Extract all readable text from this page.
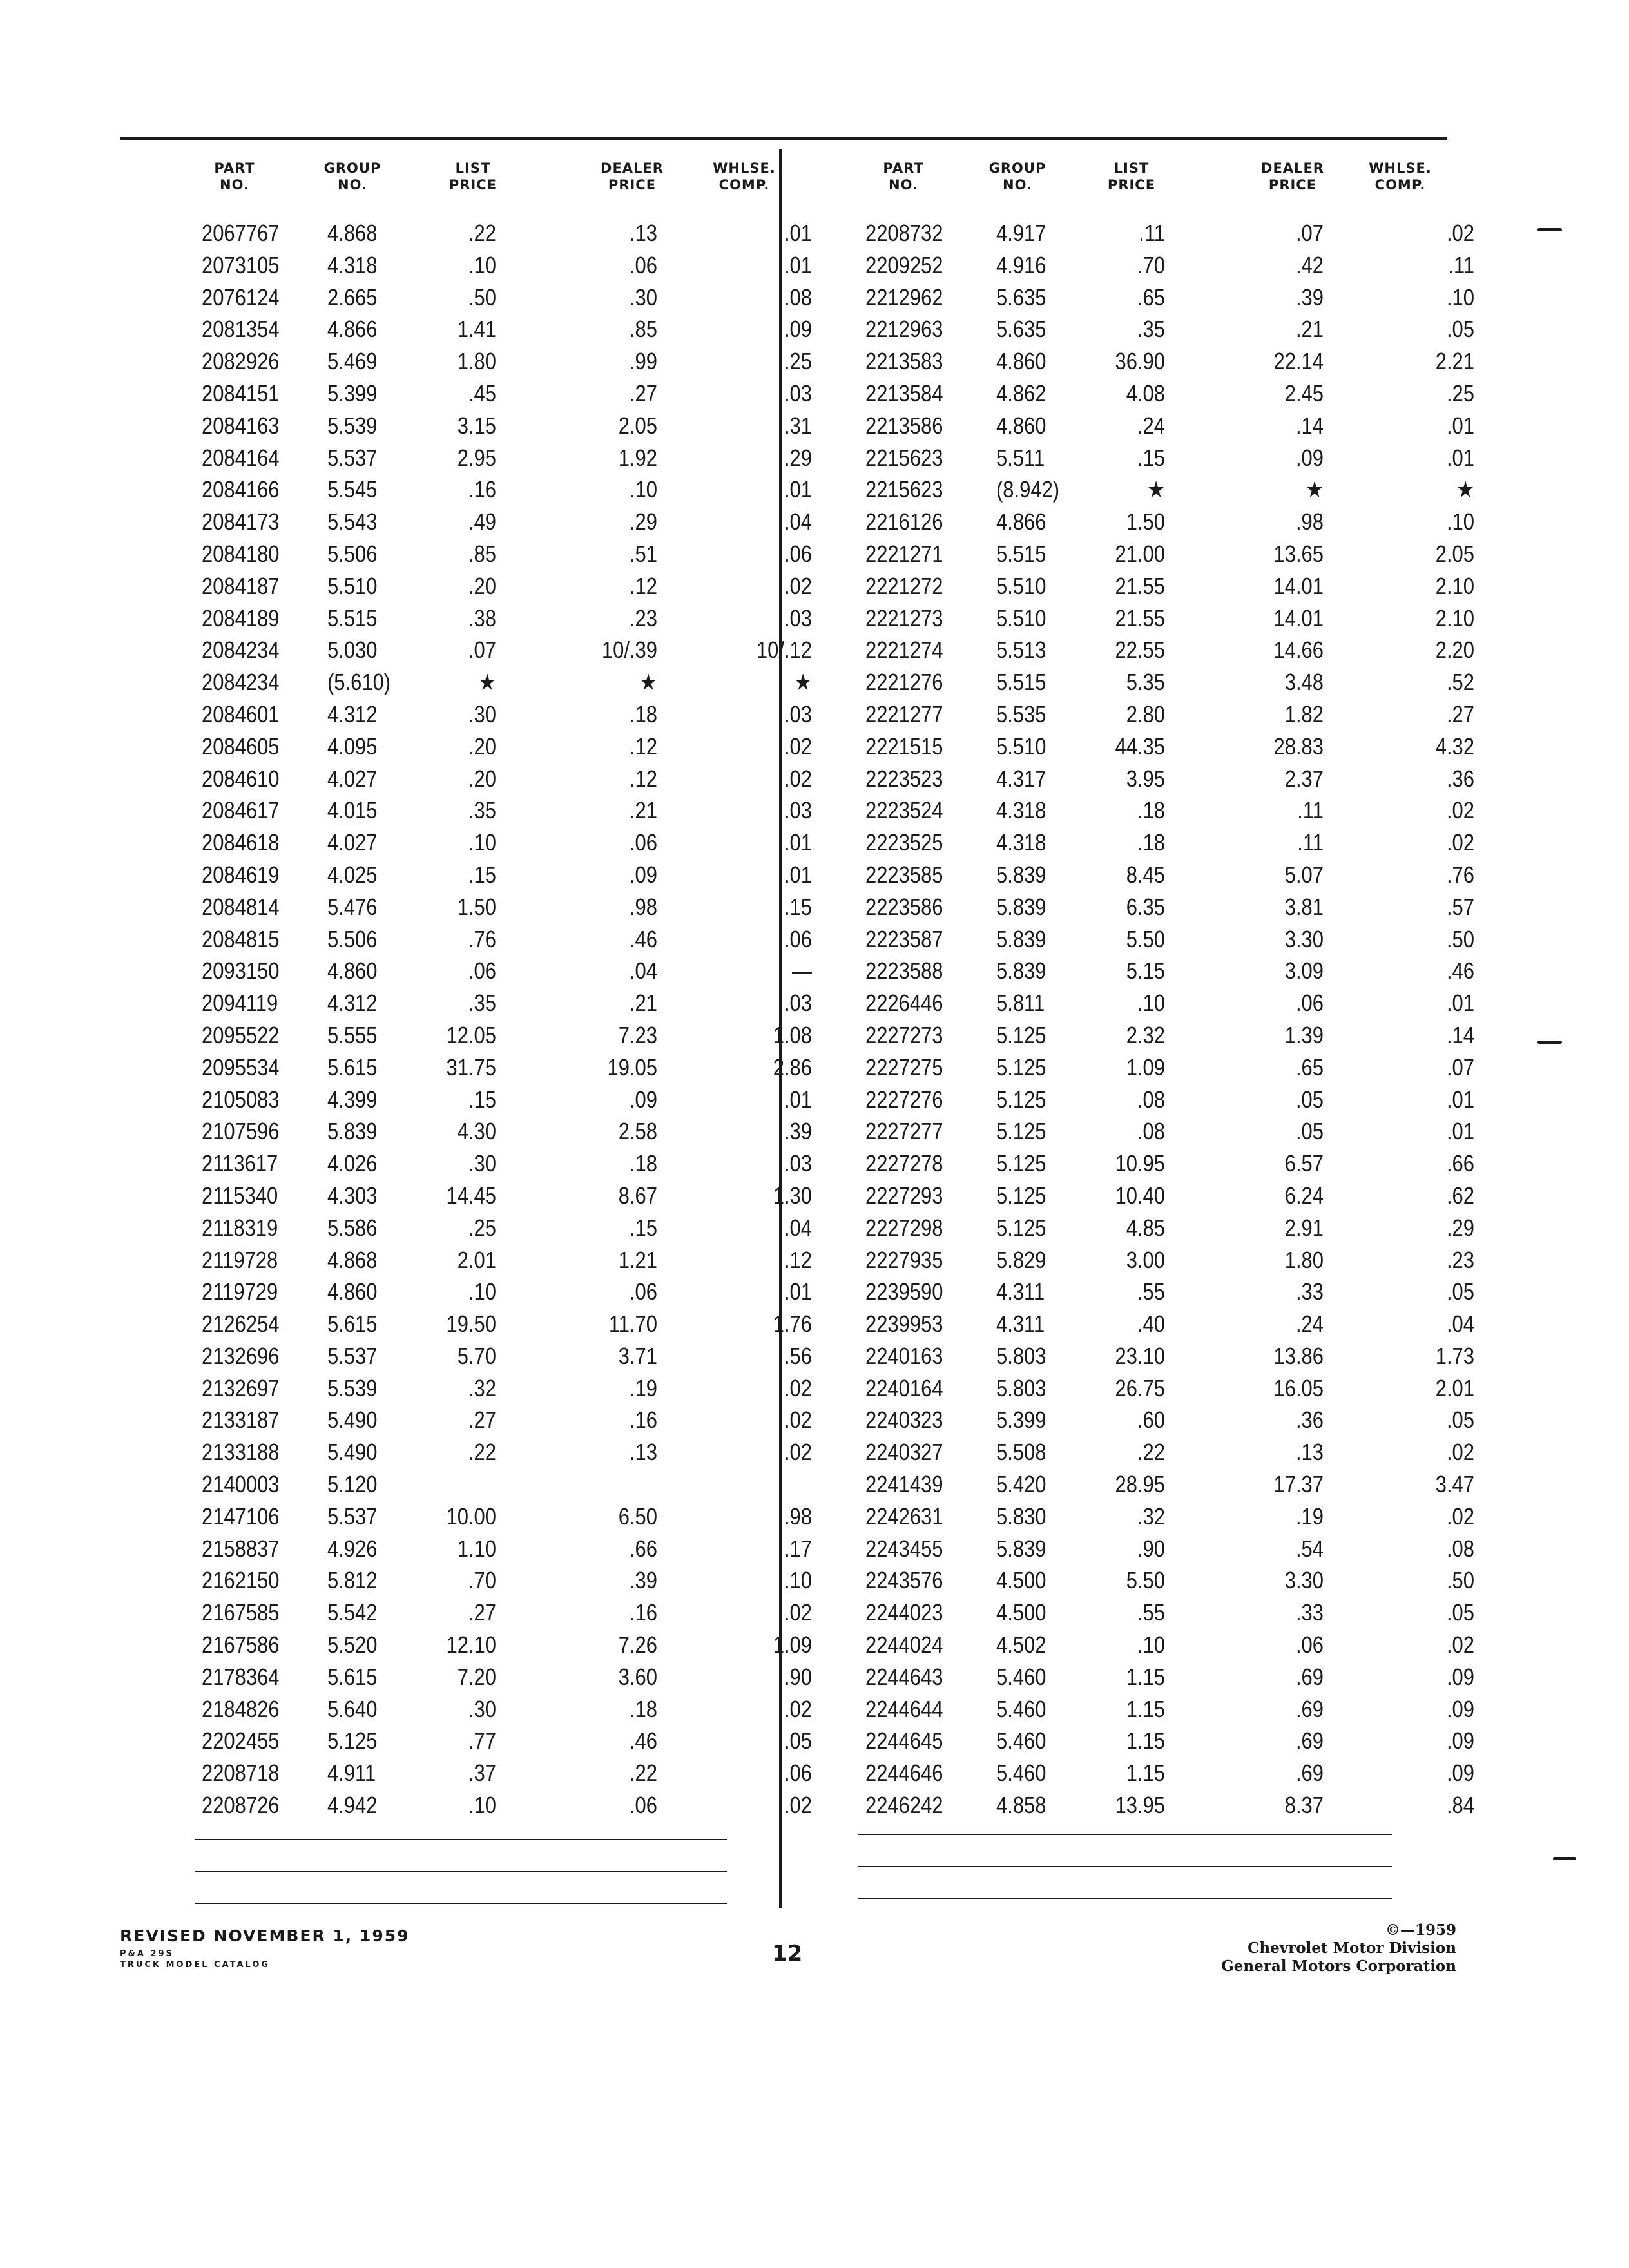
PART
NO.
GROUP
NO.
LIST
PRICE
DEALER
PRICE
WHLSE.
COMP.
2067767 4.868	.22	.13	.01
2073105 4.318	.10	.06	.01
2076124 2.665	.50	.30	.08
2081354 4.866	1.41	.85	.09
2082926 5.469	1.80	.99	.25
2084151 5.399	.45	.27	.03
2084163 5.539	3.15	2.05	.31
2084164 5.537	2.95	1.92	.29
2084166 5.545	.16	.10	.01
2084173 5.543	.49	.29	.04
2084180 5.506	.85	.51	.06
2084187 5.510	.20	.12	.02
2084189 5.515	.38	.23	.03
2084234 5.030	.07	10/.39	10/.12
2084234 (5.610)	★	★	★
2084601 4.312	.30	.18	.03
2084605 4.095	.20	.12	.02
2084610 4.027	.20	.12	.02
2084617 4.015	.35	.21	.03
2084618 4.027	.10	.06	.01
2084619 4.025	.15	.09	.01
2084814 5.476	1.50	.98	.15
2084815 5.506	.76	.46	.06
2093150 4.860	.06	.04	—
2094119 4.312	.35	.21	.03
2095522 5.555	12.05	7.23	1.08
2095534 5.615	31.75	19.05	2.86
2105083 4.399	.15	.09	.01
2107596 5.839	4.30	2.58	.39
2113617 4.026	.30	.18	.03
2115340 4.303	14.45	8.67	1.30
2118319 5.586	.25	.15	.04
2119728 4.868	2.01	1.21	.12
2119729 4.860	.10	.06	.01
2126254 5.615	19.50	11.70	1.76
2132696 5.537	5.70	3.71	.56
2132697 5.539	.32	.19	.02
2133187 5.490	.27	.16	.02
2133188 5.490	.22	.13	.02
2140003 5.120
2147106 5.537	10.00	6.50	.98
2158837 4.926	1.10	.66	.17
2162150 5.812	.70	.39	.10
2167585 5.542	.27	.16	.02
2167586 5.520	12.10	7.26	1.09
2178364 5.615	7.20	3.60	.90
2184826 5.640	.30	.18	.02
2202455 5.125	.77	.46	.05
2208718 4.911	.37	.22	.06
2208726 4.942	.10	.06	.02
PART
NO.
GROUP
NO.
LIST
PRICE
DEALER
PRICE
WHLSE.
COMP.
2208732 4.917	.11	.07	.02
2209252 4.916	.70	.42	.11
2212962 5.635	.65	.39	.10
2212963 5.635	.35	.21	.05
2213583 4.860	36.90	22.14	2.21
2213584 4.862	4.08	2.45	.25
2213586 4.860	.24	.14	.01
2215623 5.511	.15	.09	.01
2215623 (8.942)	★	★	★
2216126 4.866	1.50	.98	.10
2221271 5.515	21.00	13.65	2.05
2221272 5.510	21.55	14.01	2.10
2221273 5.510	21.55	14.01	2.10
2221274 5.513	22.55	14.66	2.20
2221276 5.515	5.35	3.48	.52
2221277 5.535	2.80	1.82	.27
2221515 5.510	44.35	28.83	4.32
2223523 4.317	3.95	2.37	.36
2223524 4.318	.18	.11	.02
2223525 4.318	.18	.11	.02
2223585 5.839	8.45	5.07	.76
2223586 5.839	6.35	3.81	.57
2223587 5.839	5.50	3.30	.50
2223588 5.839	5.15	3.09	.46
2226446 5.811	.10	.06	.01
2227273 5.125	2.32	1.39	.14
2227275 5.125	1.09	.65	.07
2227276 5.125	.08	.05	.01
2227277 5.125	.08	.05	.01
2227278 5.125	10.95	6.57	.66
2227293 5.125	10.40	6.24	.62
2227298 5.125	4.85	2.91	.29
2227935 5.829	3.00	1.80	.23
2239590 4.311	.55	.33	.05
2239953 4.311	.40	.24	.04
2240163 5.803	23.10	13.86	1.73
2240164 5.803	26.75	16.05	2.01
2240323 5.399	.60	.36	.05
2240327 5.508	.22	.13	.02
2241439 5.420	28.95	17.37	3.47
2242631 5.830	.32	.19	.02
2243455 5.839	.90	.54	.08
2243576 4.500	5.50	3.30	.50
2244023 4.500	.55	.33	.05
2244024 4.502	.10	.06	.02
2244643 5.460	1.15	.69	.09
2244644 5.460	1.15	.69	.09
2244645 5.460	1.15	.69	.09
2244646 5.460	1.15	.69	.09
2246242 4.858	13.95	8.37	.84
REVISED NOVEMBER 1, 1959
P&A 29S
TRUCK MODEL CATALOG	12
©—1959
Chevrolet Motor Division
General Motors Corporation
